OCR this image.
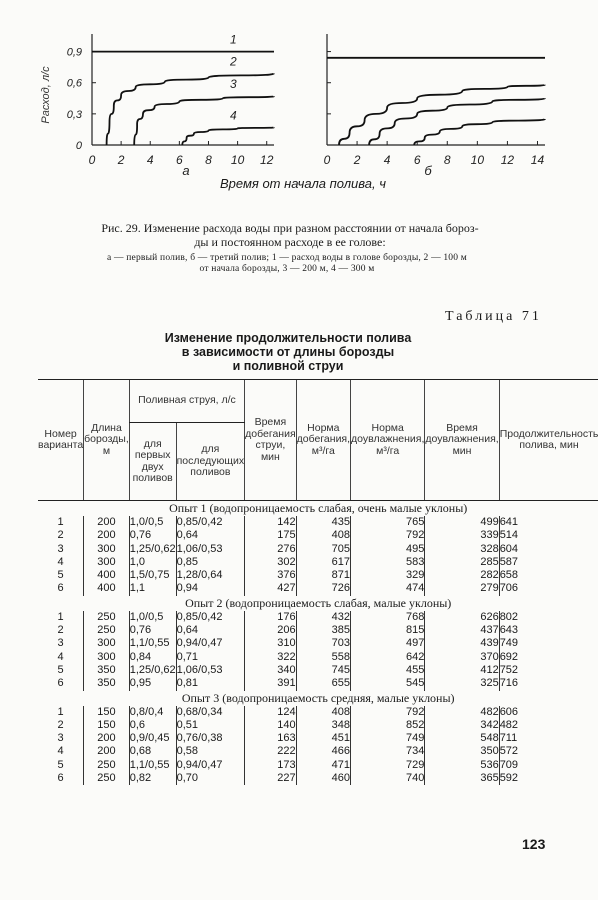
0 2 4 6 8 10 12
0
0,3
0,6
0,9
Расход, л/с
1
2
3
4
а
0 2 4 6 8 10 12 14
б
Время от начала полива, ч
Рис. 29. Изменение расхода воды при разном расстоянии от начала бороз-
ды и постоянном расходе в ее голове:
а — первый полив, б — третий полив; 1 — расход воды в голове борозды, 2 — 100 м
от начала борозды, 3 — 200 м, 4 — 300 м
Таблица 71
Изменение продолжительности полива
в зависимости от длины борозды
и поливной струи
Номер варианта	Длина борозды, м	Поливная струя, л/с		Время добегания струи, мин	Норма добегания, м³/га	Норма доувлажнения, м³/га	Время доувлажнения, мин	Продолжительность полива, мин
		для первых двух поливов	для последующих поливов					
Опыт 1 (водопроницаемость слабая, очень малые уклоны)								
1	200	1,0/0,5	0,85/0,42	142	435	765	499	641
2	200	0,76	0,64	175	408	792	339	514
3	300	1,25/0,62	1,06/0,53	276	705	495	328	604
4	300	1,0	0,85	302	617	583	285	587
5	400	1,5/0,75	1,28/0,64	376	871	329	282	658
6	400	1,1	0,94	427	726	474	279	706
Опыт 2 (водопроницаемость слабая, малые уклоны)								
1	250	1,0/0,5	0,85/0,42	176	432	768	626	802
2	250	0,76	0,64	206	385	815	437	643
3	300	1,1/0,55	0,94/0,47	310	703	497	439	749
4	300	0,84	0,71	322	558	642	370	692
5	350	1,25/0,62	1,06/0,53	340	745	455	412	752
6	350	0,95	0,81	391	655	545	325	716
Опыт 3 (водопроницаемость средняя, малые уклоны)								
1	150	0,8/0,4	0,68/0,34	124	408	792	482	606
2	150	0,6	0,51	140	348	852	342	482
3	200	0,9/0,45	0,76/0,38	163	451	749	548	711
4	200	0,68	0,58	222	466	734	350	572
5	250	1,1/0,55	0,94/0,47	173	471	729	536	709
6	250	0,82	0,70	227	460	740	365	592
123
